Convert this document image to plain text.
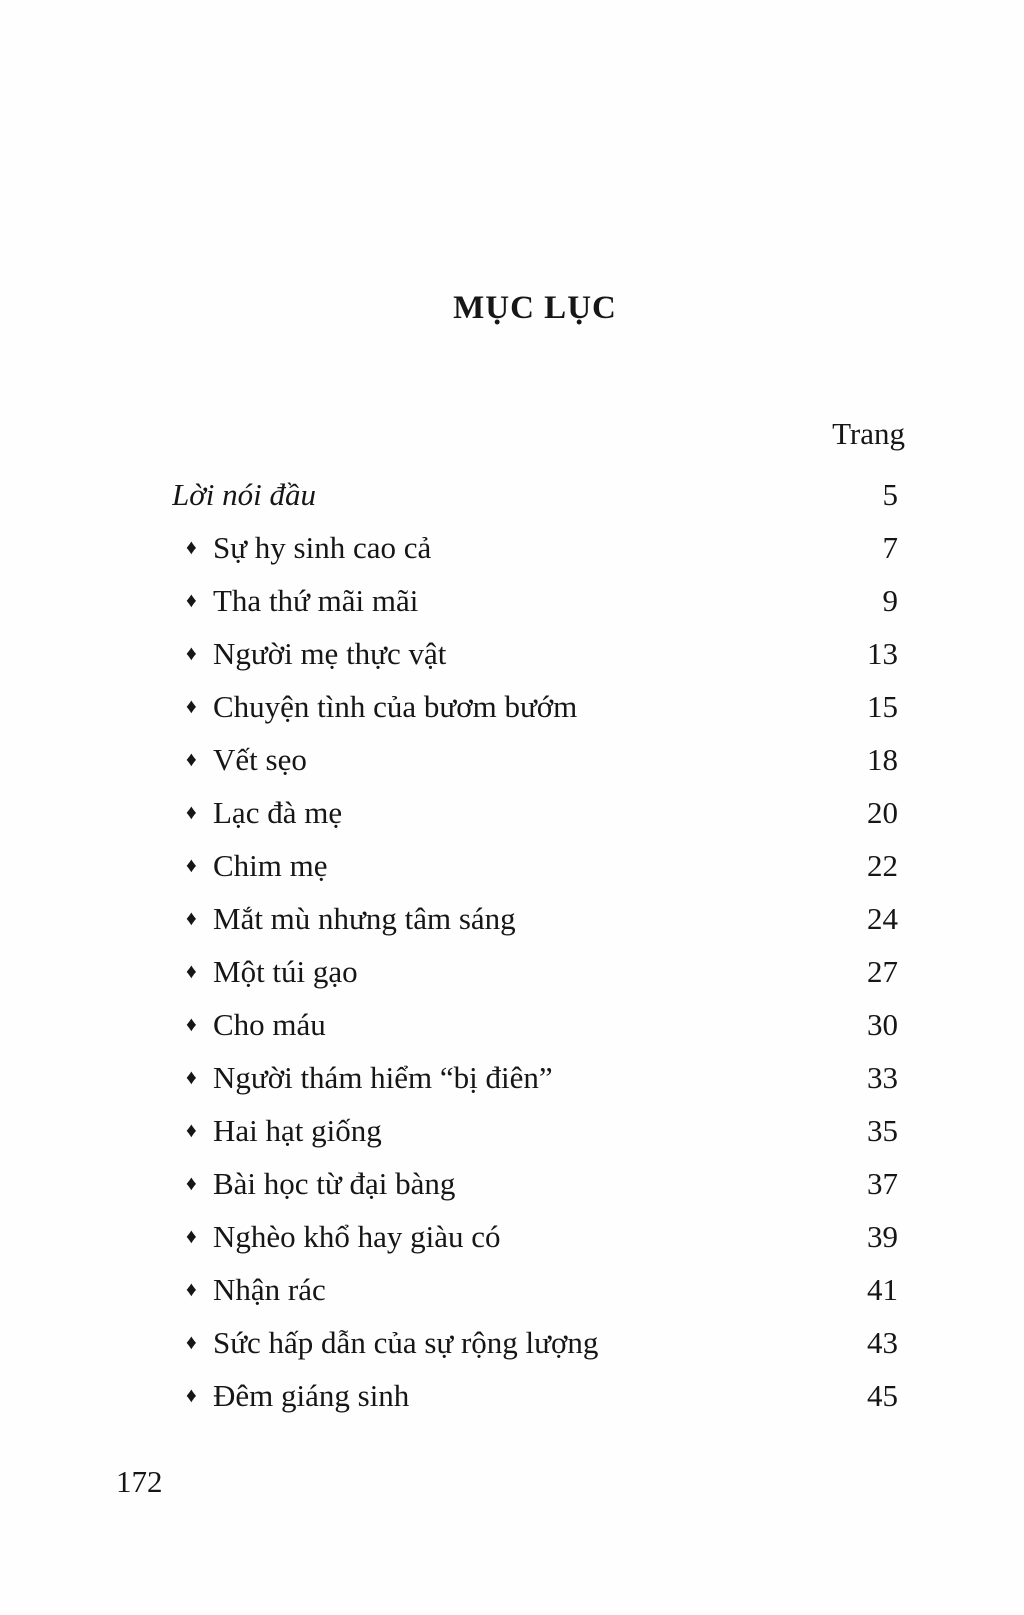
MỤC LỤC
Trang
Lời nói đầu	5
♦ Sự hy sinh cao cả	7
♦ Tha thứ mãi mãi	9
♦ Người mẹ thực vật	13
♦ Chuyện tình của bươm bướm	15
♦ Vết sẹo	18
♦ Lạc đà mẹ	20
♦ Chim mẹ	22
♦ Mắt mù nhưng tâm sáng	24
♦ Một túi gạo	27
♦ Cho máu	30
♦ Người thám hiểm “bị điên”	33
♦ Hai hạt giống	35
♦ Bài học từ đại bàng	37
♦ Nghèo khổ hay giàu có	39
♦ Nhận rác	41
♦ Sức hấp dẫn của sự rộng lượng	43
♦ Đêm giáng sinh	45
172
